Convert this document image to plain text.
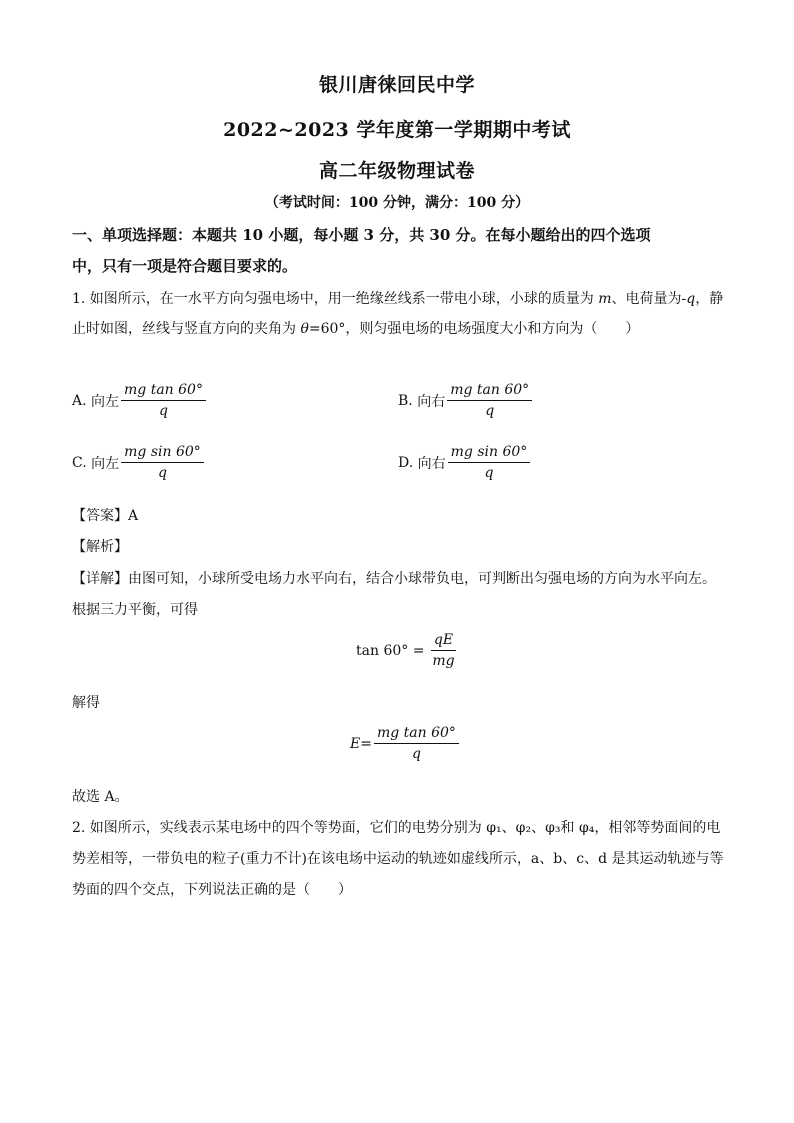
银川唐徕回民中学
2022~2023 学年度第一学期期中考试
高二年级物理试卷
（考试时间：100 分钟，满分：100 分）
一、单项选择题：本题共 10 小题，每小题 3 分，共 30 分。在每小题给出的四个选项
中，只有一项是符合题目要求的。
1. 如图所示，在一水平方向匀强电场中，用一绝缘丝线系一带电小球，小球的质量为 m、电荷量为-q，静
止时如图，丝线与竖直方向的夹角为 θ=60°，则匀强电场的电场强度大小和方向为（　　）
A.
向左 $\frac{\text{mg tan 60°}}{q}$	B.
向右 $\frac{\text{mg tan 60°}}{q}$
C.
向左 $\frac{\text{mg sin 60°}}{q}$	D.
向右 $\frac{\text{mg sin 60°}}{q}$
【答案】A
【解析】
【详解】由图可知，小球所受电场力水平向右，结合小球带负电，可判断出匀强电场的方向为水平向左。
根据三力平衡，可得
tan 60° =
$\frac{qE}{mg}$
解得
$E= \frac{\text{mg tan 60°}}{q}$
故选 A。
2. 如图所示，实线表示某电场中的四个等势面，它们的电势分别为 φ₁、φ₂、φ₃和 φ₄，相邻等势面间的电
势差相等，一带负电的粒子(重力不计)在该电场中运动的轨迹如虚线所示，a、b、c、d 是其运动轨迹与等
势面的四个交点，下列说法正确的是（　　）
